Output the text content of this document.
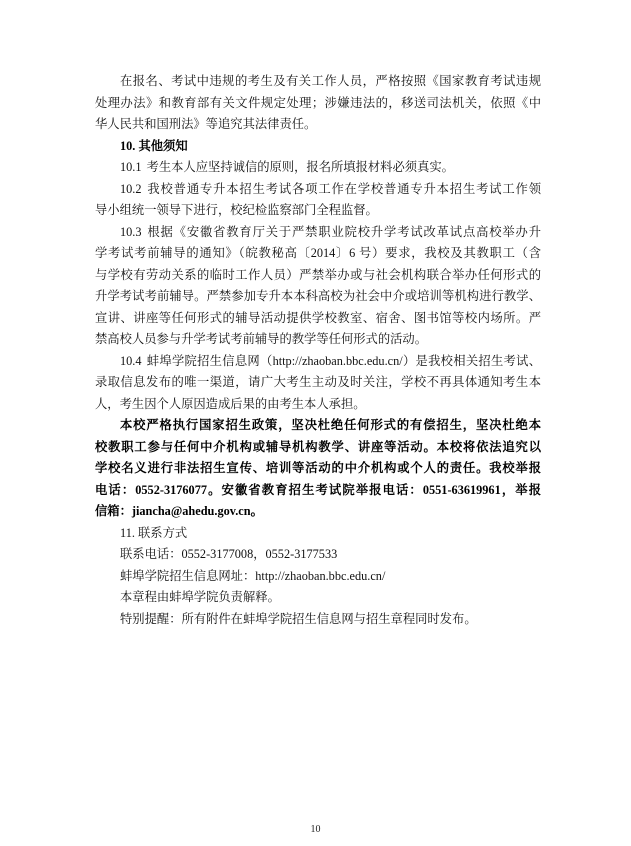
在报名、考试中违规的考生及有关工作人员，严格按照《国家教育考试违规
处理办法》和教育部有关文件规定处理；涉嫌违法的，移送司法机关，依照《中
华人民共和国刑法》等追究其法律责任。
10. 其他须知
10.1 考生本人应坚持诚信的原则，报名所填报材料必须真实。
10.2 我校普通专升本招生考试各项工作在学校普通专升本招生考试工作领
导小组统一领导下进行，校纪检监察部门全程监督。
10.3 根据《安徽省教育厅关于严禁职业院校升学考试改革试点高校举办升
学考试考前辅导的通知》（皖教秘高〔2014〕6 号）要求，我校及其教职工（含
与学校有劳动关系的临时工作人员）严禁举办或与社会机构联合举办任何形式的
升学考试考前辅导。严禁参加专升本本科高校为社会中介或培训等机构进行教学、
宣讲、讲座等任何形式的辅导活动提供学校教室、宿舍、图书馆等校内场所。严
禁高校人员参与升学考试考前辅导的教学等任何形式的活动。
10.4 蚌埠学院招生信息网（http://zhaoban.bbc.edu.cn/）是我校相关招生考试、
录取信息发布的唯一渠道，请广大考生主动及时关注，学校不再具体通知考生本
人，考生因个人原因造成后果的由考生本人承担。
本校严格执行国家招生政策，坚决杜绝任何形式的有偿招生，坚决杜绝本
校教职工参与任何中介机构或辅导机构教学、讲座等活动。本校将依法追究以
学校名义进行非法招生宣传、培训等活动的中介机构或个人的责任。我校举报
电话：0552-3176077。安徽省教育招生考试院举报电话：0551-63619961，举报
信箱：jiancha@ahedu.gov.cn。
11. 联系方式
联系电话：0552-3177008，0552-3177533
蚌埠学院招生信息网址：http://zhaoban.bbc.edu.cn/
本章程由蚌埠学院负责解释。
特别提醒：所有附件在蚌埠学院招生信息网与招生章程同时发布。
10
